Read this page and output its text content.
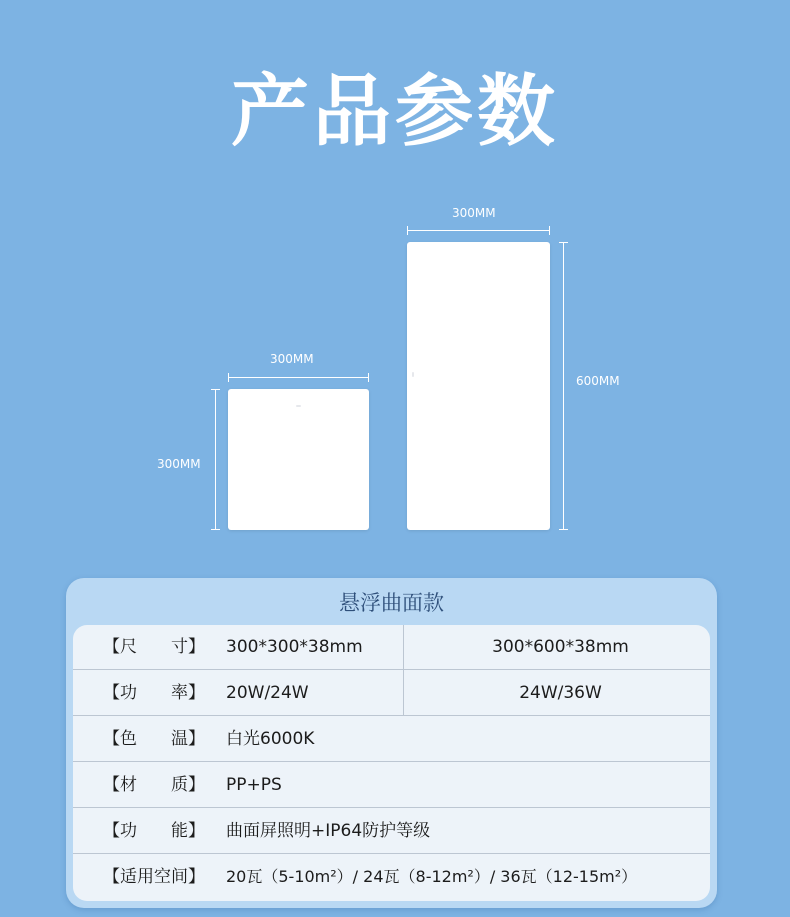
产品参数
300MM
300MM
300MM
600MM
悬浮曲面款
【尺　　寸】 300*300*38mm	300*600*38mm
【功　　率】 20W/24W	24W/36W
【色　　温】 白光6000K
【材　　质】 PP+PS
【功　　能】 曲面屏照明+IP64防护等级
【适用空间】 20瓦（5-10m²）/ 24瓦（8-12m²）/ 36瓦（12-15m²）
